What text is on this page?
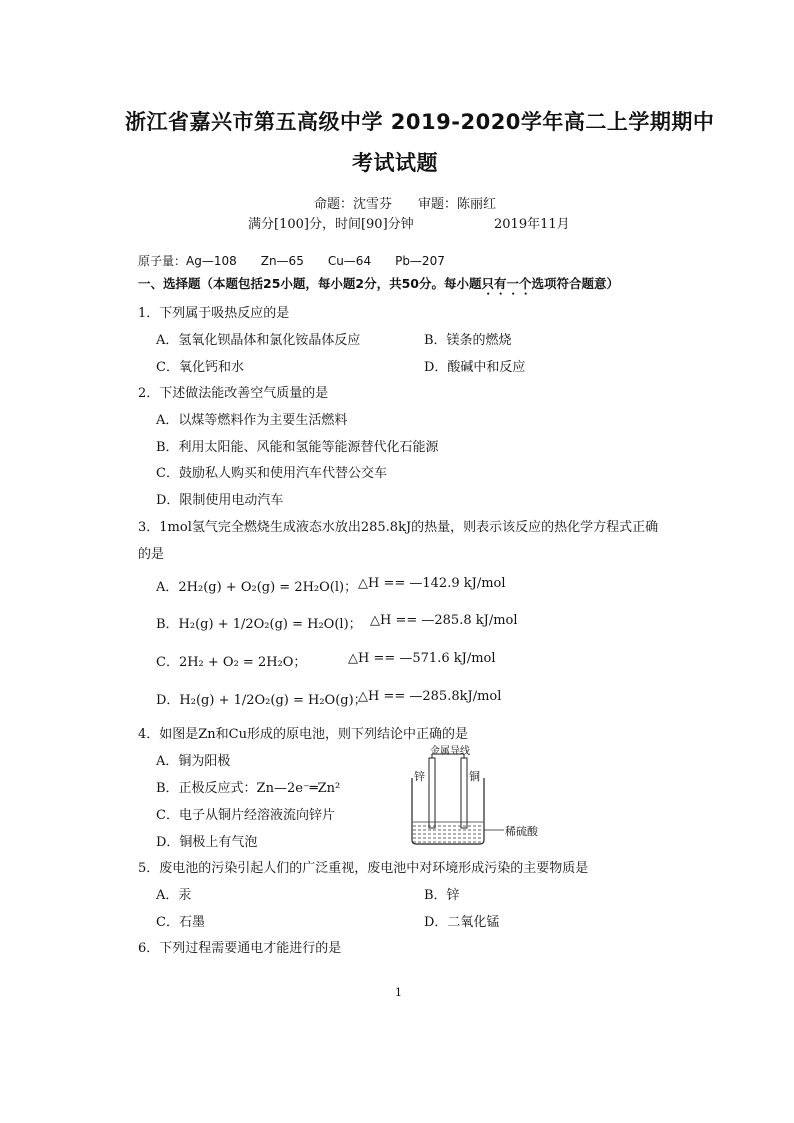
浙江省嘉兴市第五高级中学 2019-2020学年高二上学期期中
考试试题
命题：沈雪芬　　审题：陈丽红
满分[100]分，时间[90]分钟	2019年11月
原子量：Ag—108　　Zn—65　　Cu—64　　Pb—207
一、选择题（本题包括25小题，每小题2分，共50分。每小题只有一个选项符合题意）
1．下列属于吸热反应的是
A．氢氧化钡晶体和氯化铵晶体反应	B．镁条的燃烧
C．氧化钙和水	D．酸碱中和反应
2．下述做法能改善空气质量的是
A．以煤等燃料作为主要生活燃料
B．利用太阳能、风能和氢能等能源替代化石能源
C．鼓励私人购买和使用汽车代替公交车
D．限制使用电动汽车
3．1mol氢气完全燃烧生成液态水放出285.8kJ的热量，则表示该反应的热化学方程式正确
的是
A．2H₂(g) + O₂(g) = 2H₂O(l)； △H == —142.9 kJ/mol
B．H₂(g) + 1/2O₂(g) = H₂O(l)； △H == —285.8 kJ/mol
C．2H₂ + O₂ = 2H₂O；	△H == —571.6 kJ/mol
D．H₂(g) + 1/2O₂(g) = H₂O(g)；
△H == —285.8kJ/mol
4．如图是Zn和Cu形成的原电池，则下列结论中正确的是
A．铜为阳极
B．正极反应式：Zn—2e⁻═Zn²
C．电子从铜片经溶液流向锌片
D．铜极上有气泡
金属导线
锌	铜
稀硫酸
5．废电池的污染引起人们的广泛重视，废电池中对环境形成污染的主要物质是
A．汞	B．锌
C．石墨	D．二氧化锰
6．下列过程需要通电才能进行的是
1
